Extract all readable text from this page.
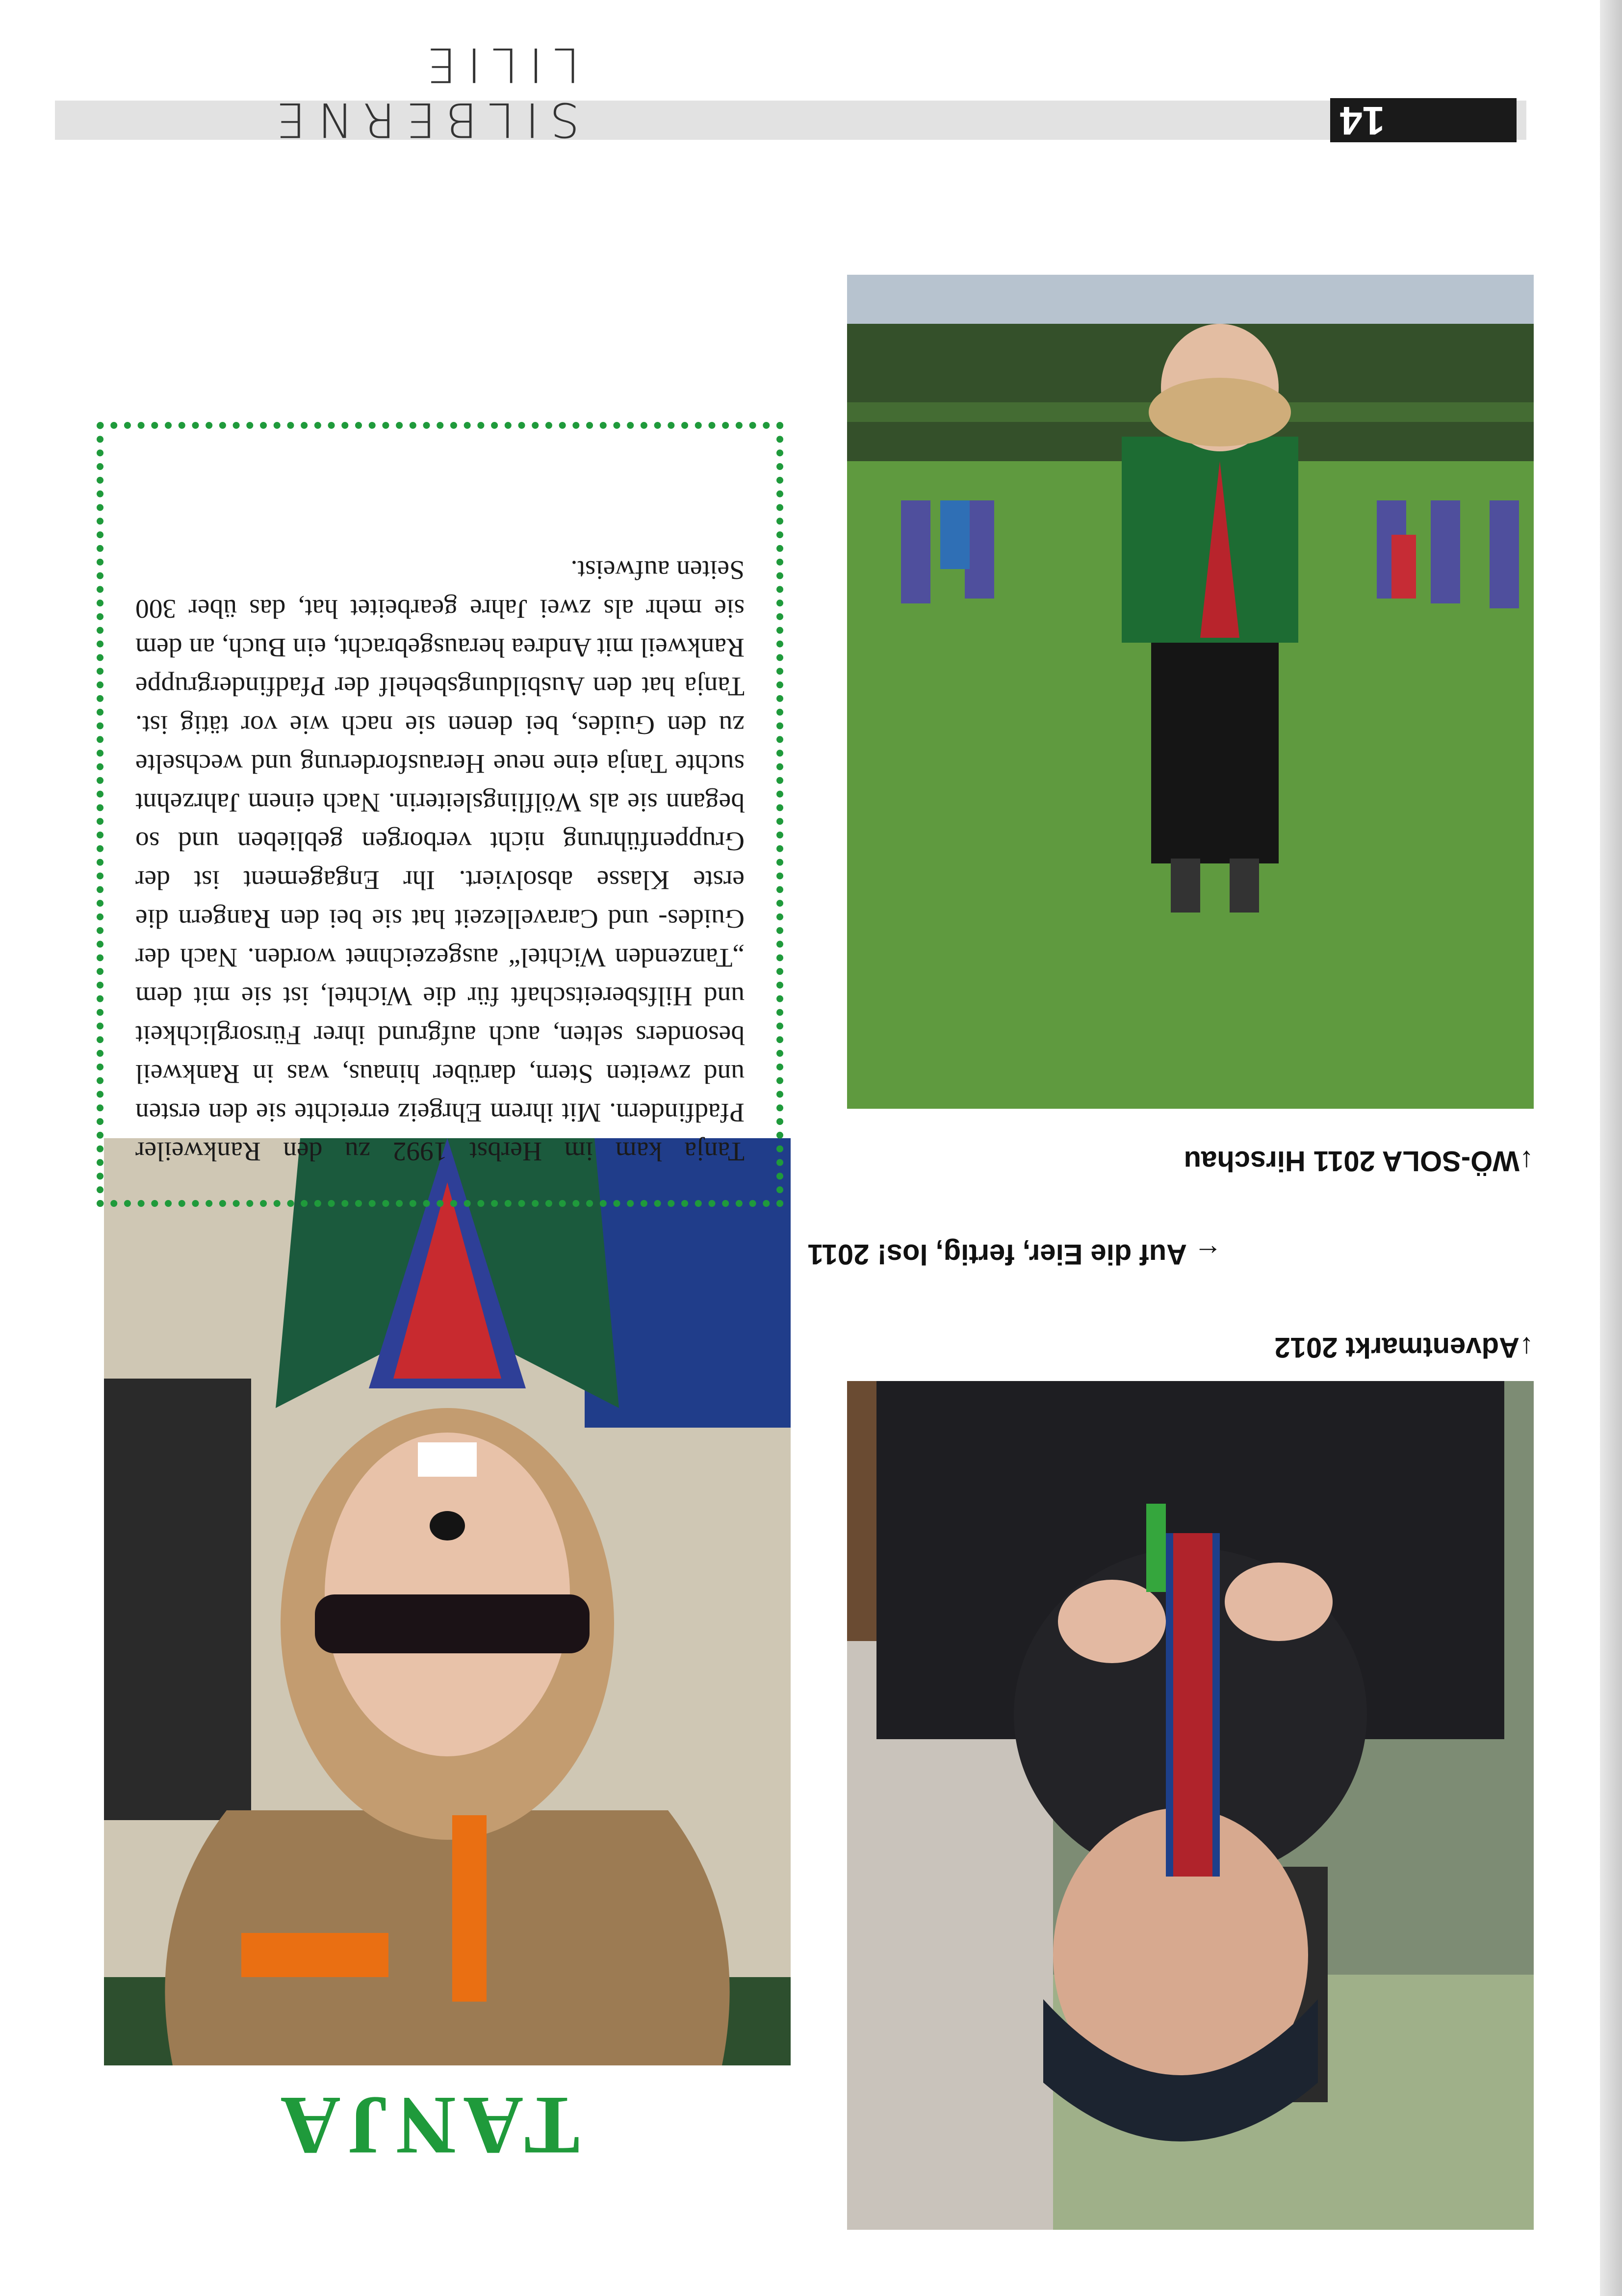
14
SILBERNE LILIE
TANJA
↓Adventmarkt 2012
← Auf die Eier, fertig, los! 2011
↓WÖ-SOLA 2011 Hirschau

Tanja kam im Herbst 1992 zu den Rankweiler Pfadfindern. Mit ihrem Ehrgeiz erreichte sie den ersten und zweiten Stern, darüber hinaus, was in Rankweil besonders selten, auch aufgrund ihrer Fürsorglichkeit und Hilfsbereitschaft für die Wichtel, ist sie mit dem „Tanzenden Wichtel“ ausgezeichnet worden. Nach der Guides- und Caravellezeit hat sie bei den Rangern die erste Klasse absolviert. Ihr Engagement ist der Gruppenführung nicht verborgen geblieben und so begann sie als Wölflingsleiterin. Nach einem Jahrzehnt suchte Tanja eine neue Herausforderung und wechselte zu den Guides, bei denen sie nach wie vor tätig ist. Tanja hat den Ausbildungsbehelf der Pfadfindergruppe Rankweil mit Andrea herausgebracht, ein Buch, an dem sie mehr als zwei Jahre gearbeitet hat, das über 300 Seiten aufweist.
